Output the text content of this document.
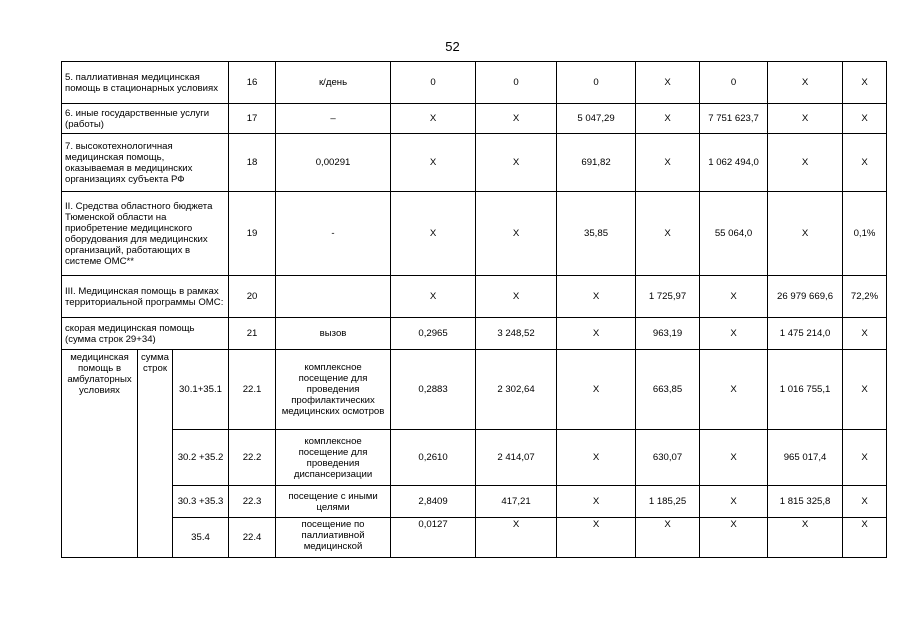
52
5. паллиативная медицинская помощь в стационарных условиях			16	к/день	0	0	0	X	0	X	X
6. иные государственные услуги (работы)			17	–	X	X	5 047,29	X	7 751 623,7	X	X
7. высокотехнологичная медицинская помощь, оказываемая в медицинских организациях субъекта РФ			18	0,00291	X	X	691,82	X	1 062 494,0	X	X
II. Средства областного бюджета Тюменской области на приобретение медицинского оборудования для медицинских организаций, работающих в системе ОМС**			19	-	X	X	35,85	X	55 064,0	X	0,1%
III. Медицинская помощь в рамках территориальной программы ОМС:			20		X	X	X	1 725,97	X	26 979 669,6	72,2%
скорая медицинская помощь (сумма строк 29+34)			21	вызов	0,2965	3 248,52	X	963,19	X	1 475 214,0	X
медицинская помощь в амбулаторных условиях	сумма строк	30.1+35.1	22.1	комплексное посещение для проведения профилактических медицинских осмотров	0,2883	2 302,64	X	663,85	X	1 016 755,1	X
		30.2 +35.2	22.2	комплексное посещение для проведения диспансеризации	0,2610	2 414,07	X	630,07	X	965 017,4	X
		30.3 +35.3	22.3	посещение с иными целями	2,8409	417,21	X	1 185,25	X	1 815 325,8	X
		35.4	22.4	посещение по паллиативной медицинской	0,0127	X	X	X	X	X	X
